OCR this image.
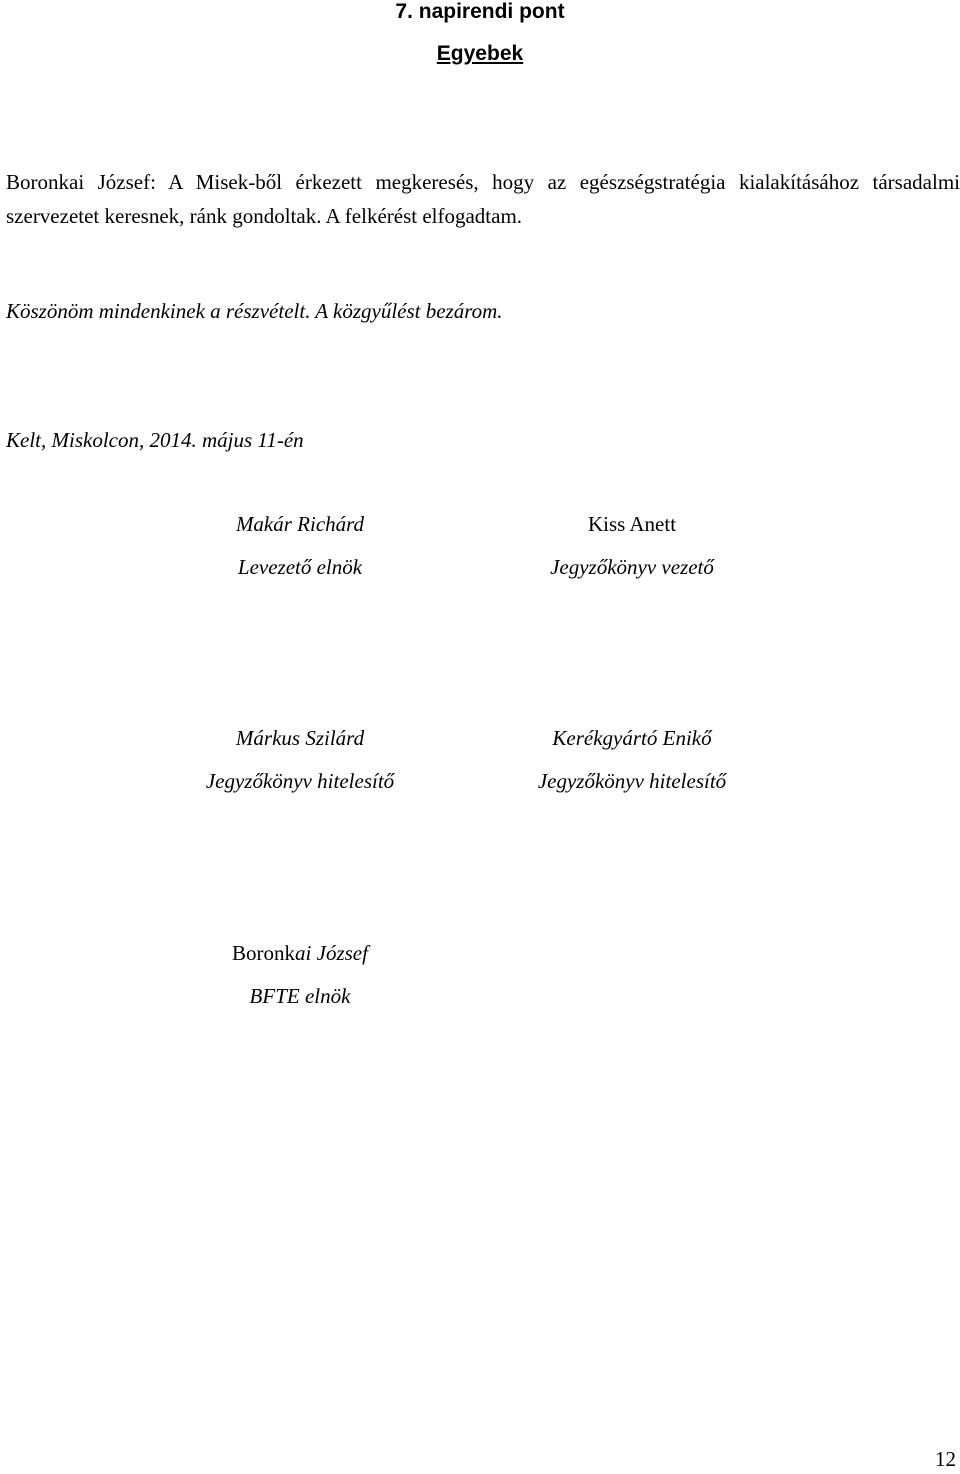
7. napirendi pont
Egyebek
Boronkai József: A Misek-ből érkezett megkeresés, hogy az egészségstratégia kialakításához társadalmi szervezetet keresnek, ránk gondoltak. A felkérést elfogadtam.
Köszönöm mindenkinek a részvételt. A közgyűlést bezárom.
Kelt, Miskolcon, 2014. május 11-én
Makár Richárd
Levezető elnök
Kiss Anett
Jegyzőkönyv vezető
Márkus Szilárd
Jegyzőkönyv hitelesítő
Kerékgyártó Enikő
Jegyzőkönyv hitelesítő
Boronkai József
BFTE elnök
12
